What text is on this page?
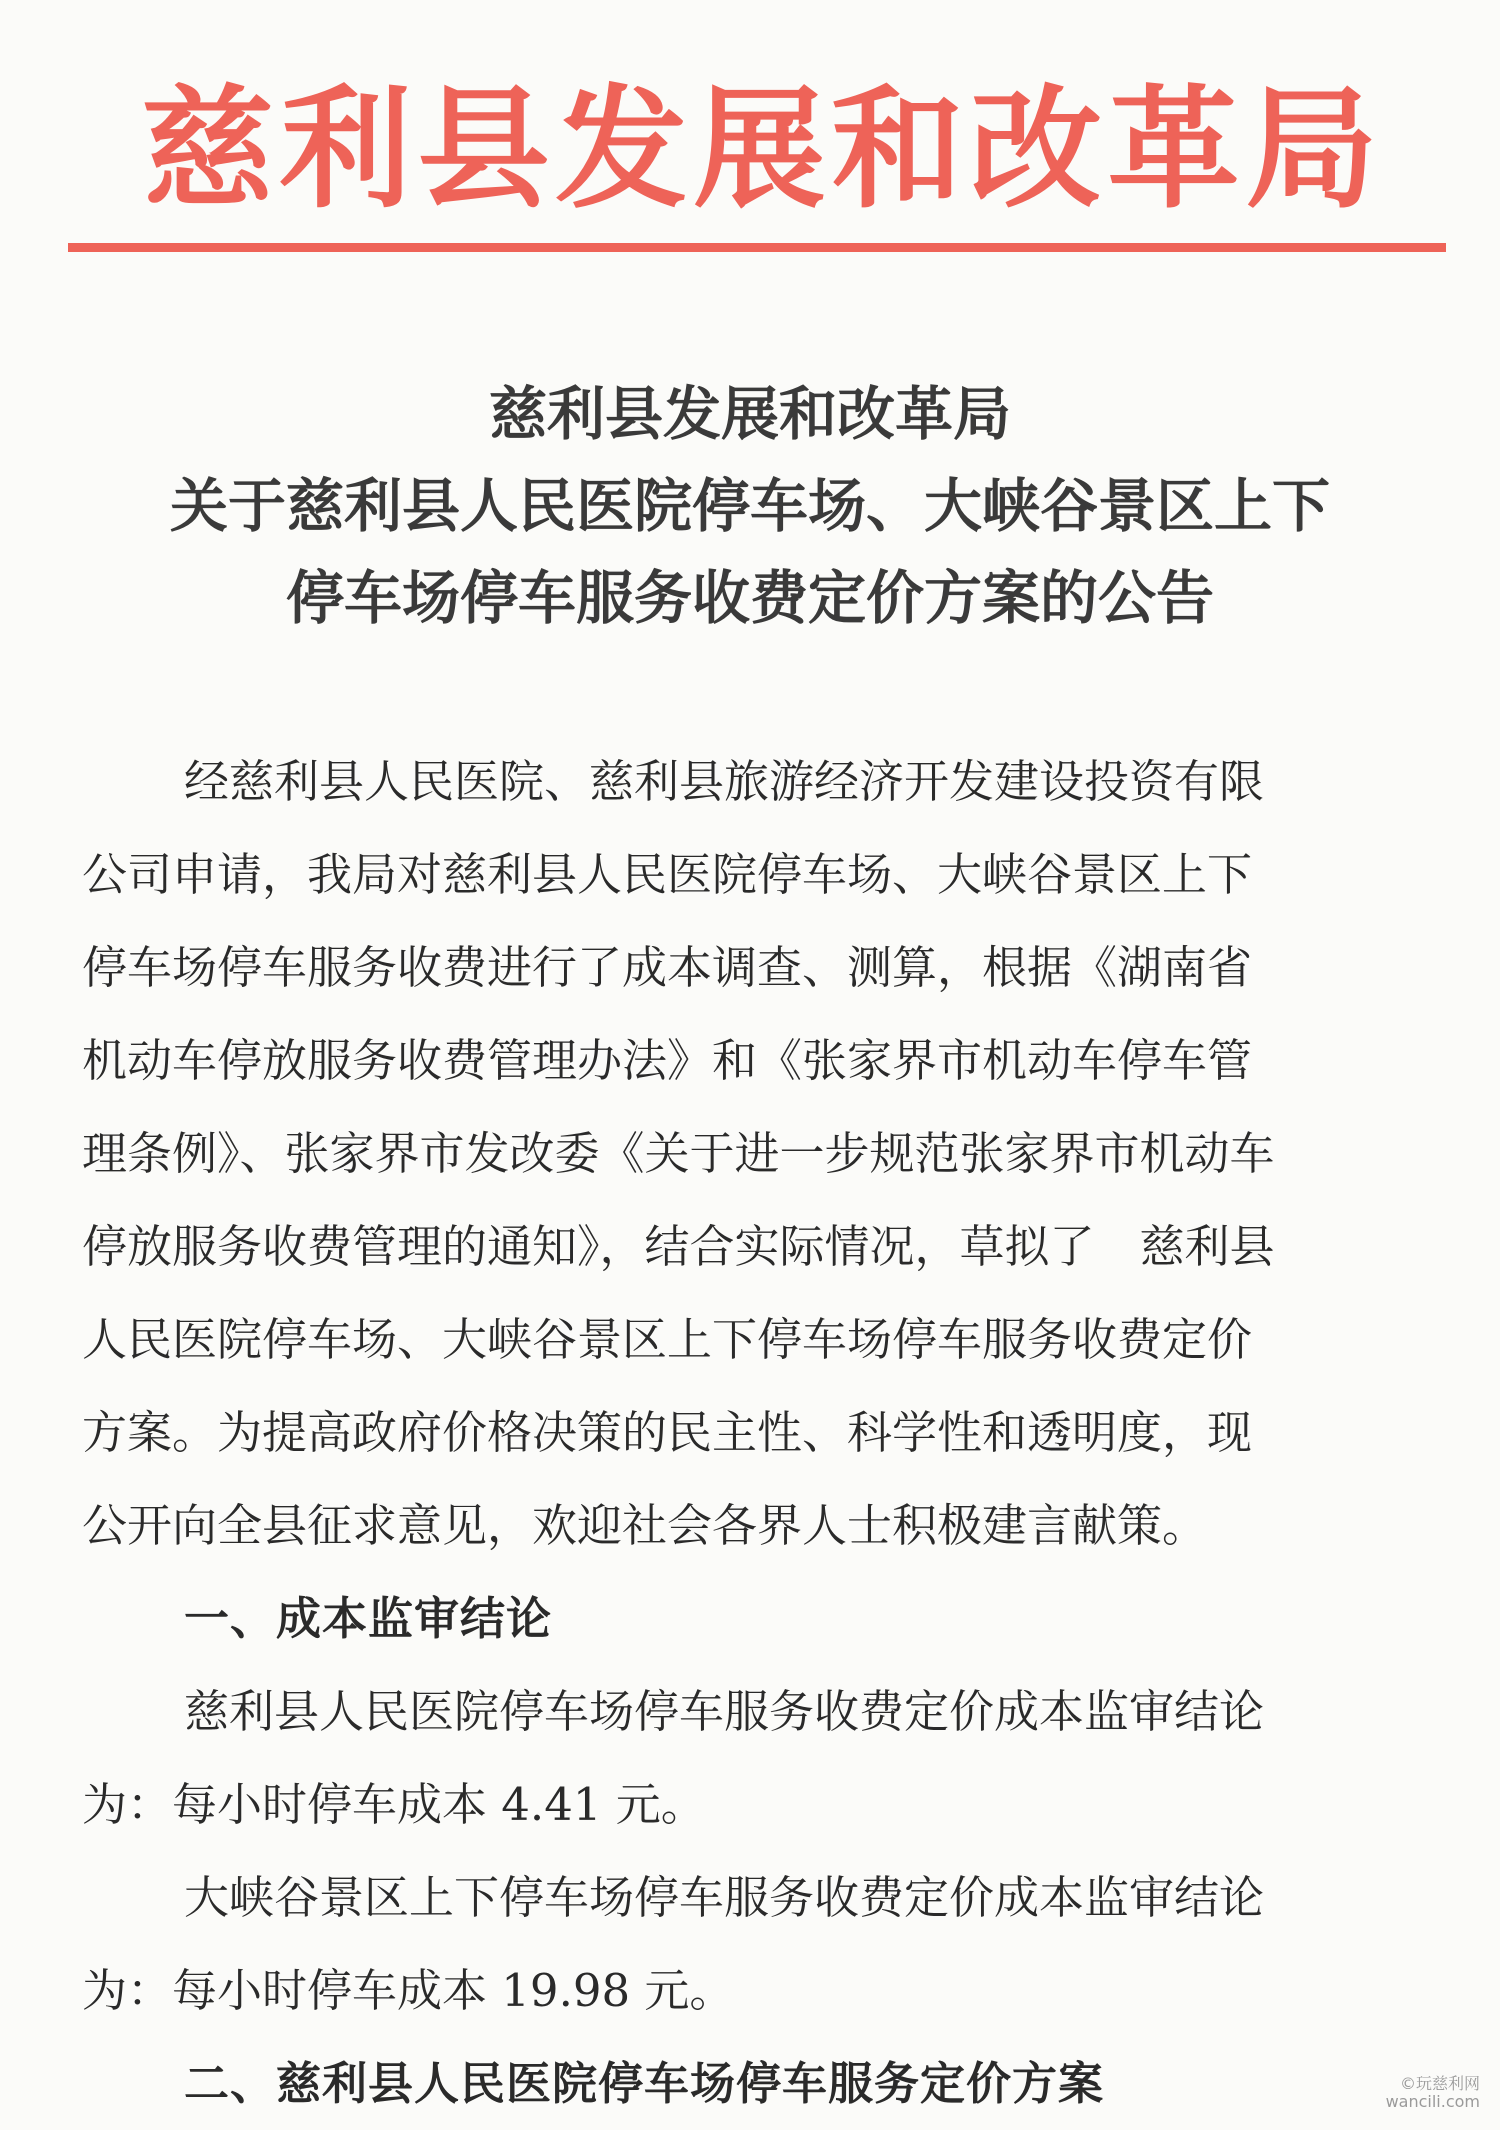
慈利县发展和改革局
慈利县发展和改革局
关于慈利县人民医院停车场、大峡谷景区上下
停车场停车服务收费定价方案的公告
经慈利县人民医院、慈利县旅游经济开发建设投资有限
公司申请，我局对慈利县人民医院停车场、大峡谷景区上下
停车场停车服务收费进行了成本调查、测算，根据《湖南省
机动车停放服务收费管理办法》和《张家界市机动车停车管
理条例》、张家界市发改委《关于进一步规范张家界市机动车
停放服务收费管理的通知》，结合实际情况，草拟了　慈利县
人民医院停车场、大峡谷景区上下停车场停车服务收费定价
方案。为提高政府价格决策的民主性、科学性和透明度，现
公开向全县征求意见，欢迎社会各界人士积极建言献策。
一、成本监审结论
慈利县人民医院停车场停车服务收费定价成本监审结论
为：每小时停车成本 4.41 元。
大峡谷景区上下停车场停车服务收费定价成本监审结论
为：每小时停车成本 19.98 元。
二、慈利县人民医院停车场停车服务定价方案	©玩慈利网
wancili.com
